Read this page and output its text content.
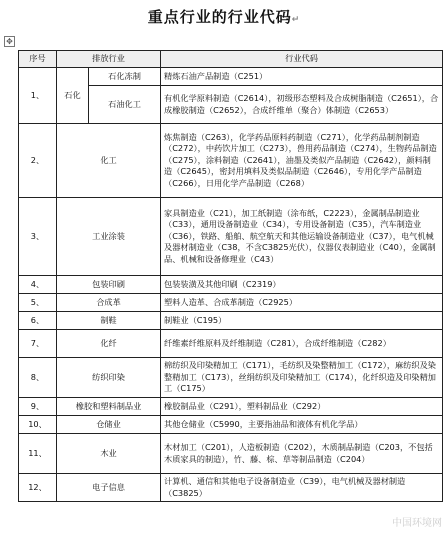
重点行业的行业代码↵
✥
序号	排放行业		行业代码
1、	石化	石化冻制	精炼石油产品制造（C251）
		石油化工	有机化学原料制造（C2614），初级形态塑料及合成树脂制造（C2651），合成橡胶制造（C2652），合成纤维单（聚合）体制造（C2653）
2、	化工		炼焦制造（C263），化学药品原料药制造（C271），化学药品制剂制造（C272），中药饮片加工（C273），兽用药品制造（C274），生物药品制造（C275），涂料制造（C2641），油墨及类似产品制造（C2642），颜料制造（C2645），密封用填料及类似品制造（C2646），专用化学产品制造（C266），日用化学产品制造（C268）
3、	工业涂装		家具制造业（C21），加工纸制造（涂布纸，C2223），金属制品制造业（C33），通用设备制造业（C34），专用设备制造（C35），汽车制造业（C36），铁路、船舶、航空航天和其他运输设备制造业（C37），电气机械及器材制造业（C38，不含C3825光伏），仪器仪表制造业（C40），金属制品、机械和设备修理业（C43）
4、	包装印刷		包装装潢及其他印刷（C2319）
5、	合成革		塑料人造革、合成革制造（C2925）
6、	制鞋		制鞋业（C195）
7、	化纤		纤维素纤维原料及纤维制造（C281），合成纤维制造（C282）
8、	纺织印染		棉纺织及印染精加工（C171），毛纺织及染整精加工（C172），麻纺织及染整精加工（C173），丝绢纺织及印染精加工（C174），化纤织造及印染精加工（C175）
9、	橡胶和塑料制品业		橡胶制品业（C291），塑料制品业（C292）
10、	仓储业		其他仓储业（C5990，主要指油品和液体有机化学品）
11、	木业		木材加工（C201），人造板制造（C202），木质制品制造（C203，不包括木质家具的制造），竹、藤、棕、草等制品制造（C204）
12、	电子信息		计算机、通信和其他电子设备制造业（C39），电气机械及器材制造（C3825）
中国环境网
